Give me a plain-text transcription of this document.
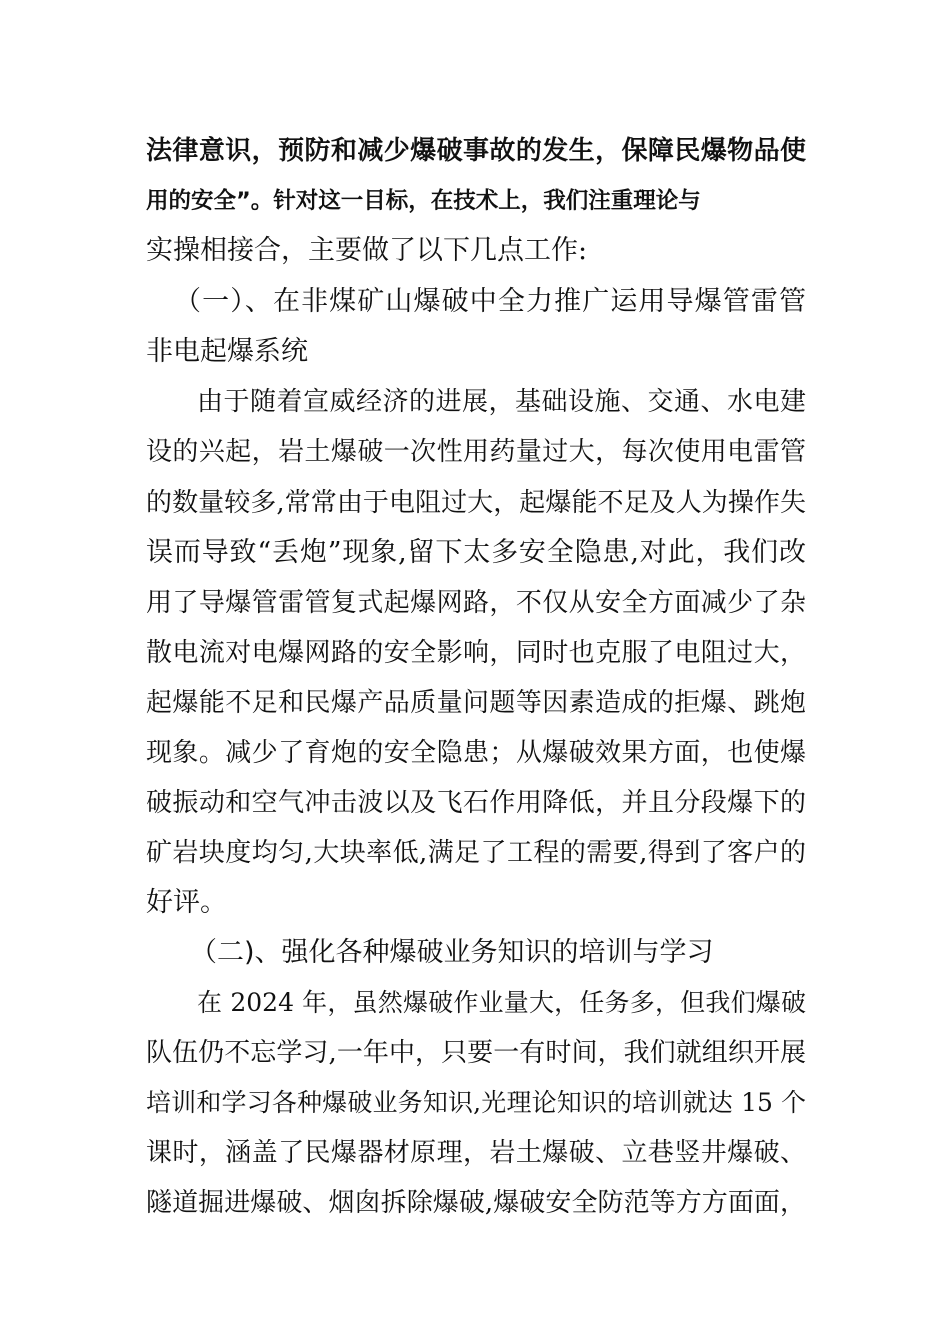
法律意识，预防和减少爆破事故的发生，保障民爆物品使
用的安全”。针对这一目标，在技术上，我们注重理论与
实操相接合，主要做了以下几点工作:
（一）、在非煤矿山爆破中全力推广运用导爆管雷管
非电起爆系统
由于随着宣威经济的进展，基础设施、交通、水电建
设的兴起，岩土爆破一次性用药量过大，每次使用电雷管
的数量较多,常常由于电阻过大，起爆能不足及人为操作失
误而导致“丢炮”现象,留下太多安全隐患,对此，我们改
用了导爆管雷管复式起爆网路，不仅从安全方面减少了杂
散电流对电爆网路的安全影响，同时也克服了电阻过大，
起爆能不足和民爆产品质量问题等因素造成的拒爆、跳炮
现象。减少了育炮的安全隐患；从爆破效果方面，也使爆
破振动和空气冲击波以及飞石作用降低，并且分段爆下的
矿岩块度均匀,大块率低,满足了工程的需要,得到了客户的
好评。
（二)、强化各种爆破业务知识的培训与学习
在 2024 年，虽然爆破作业量大，任务多，但我们爆破
队伍仍不忘学习,一年中，只要一有时间，我们就组织开展
培训和学习各种爆破业务知识,光理论知识的培训就达 15 个
课时，涵盖了民爆器材原理，岩土爆破、立巷竖井爆破、
隧道掘进爆破、烟囱拆除爆破,爆破安全防范等方方面面，
